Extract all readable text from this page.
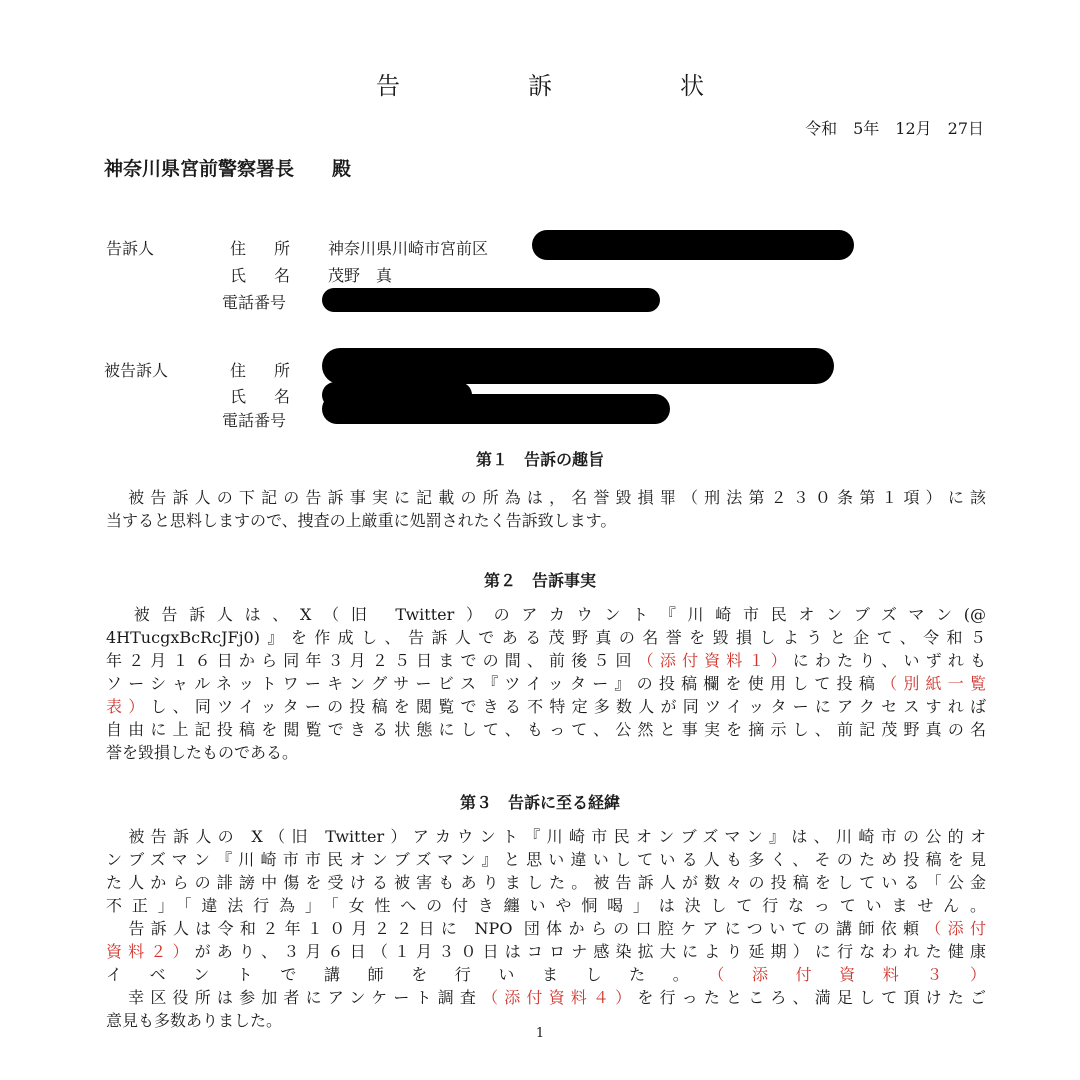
告　訴　状
令和　5年　12月　27日
神奈川県宮前警察署長　　殿
告訴人	住　所 神奈川県川崎市宮前区
氏　名 茂野　真
電話番号
被告訴人	住　所
氏　名
電話番号
第１　告訴の趣旨
　被告訴人の下記の告訴事実に記載の所為は，名誉毀損罪（刑法第２３０条第１項）に該
当すると思料しますので、捜査の上厳重に処罰されたく告訴致します。
第２　告訴事実
　被告訴人は、X（旧 Twitter）のアカウント『川崎市民オンブズマン(@
4HTucgxBcRcJFj0)』を作成し、告訴人である茂野真の名誉を毀損しようと企て、令和５
年２月１６日から同年３月２５日までの間、前後５回（添付資料１）にわたり、いずれも
ソーシャルネットワーキングサービス『ツイッター』の投稿欄を使用して投稿（別紙一覧
表）し、同ツイッターの投稿を閲覧できる不特定多数人が同ツイッターにアクセスすれば
自由に上記投稿を閲覧できる状態にして、もって、公然と事実を摘示し、前記茂野真の名
誉を毀損したものである。
第３　告訴に至る経緯
　被告訴人の X（旧 Twitter）アカウント『川崎市民オンブズマン』は、川崎市の公的オ
ンブズマン『川崎市市民オンブズマン』と思い違いしている人も多く、そのため投稿を見
た人からの誹謗中傷を受ける被害もありました。被告訴人が数々の投稿をしている「公金
不正」「違法行為」「女性への付き纏いや恫喝」は決して行なっていません。
　告訴人は令和２年１０月２２日に NPO 団体からの口腔ケアについての講師依頼（添付
資料２）があり、３月６日（１月３０日はコロナ感染拡大により延期）に行なわれた健康
イベントで講師を行いました。（添付資料３）
　幸区役所は参加者にアンケート調査（添付資料４）を行ったところ、満足して頂けたご
意見も多数ありました。
1
